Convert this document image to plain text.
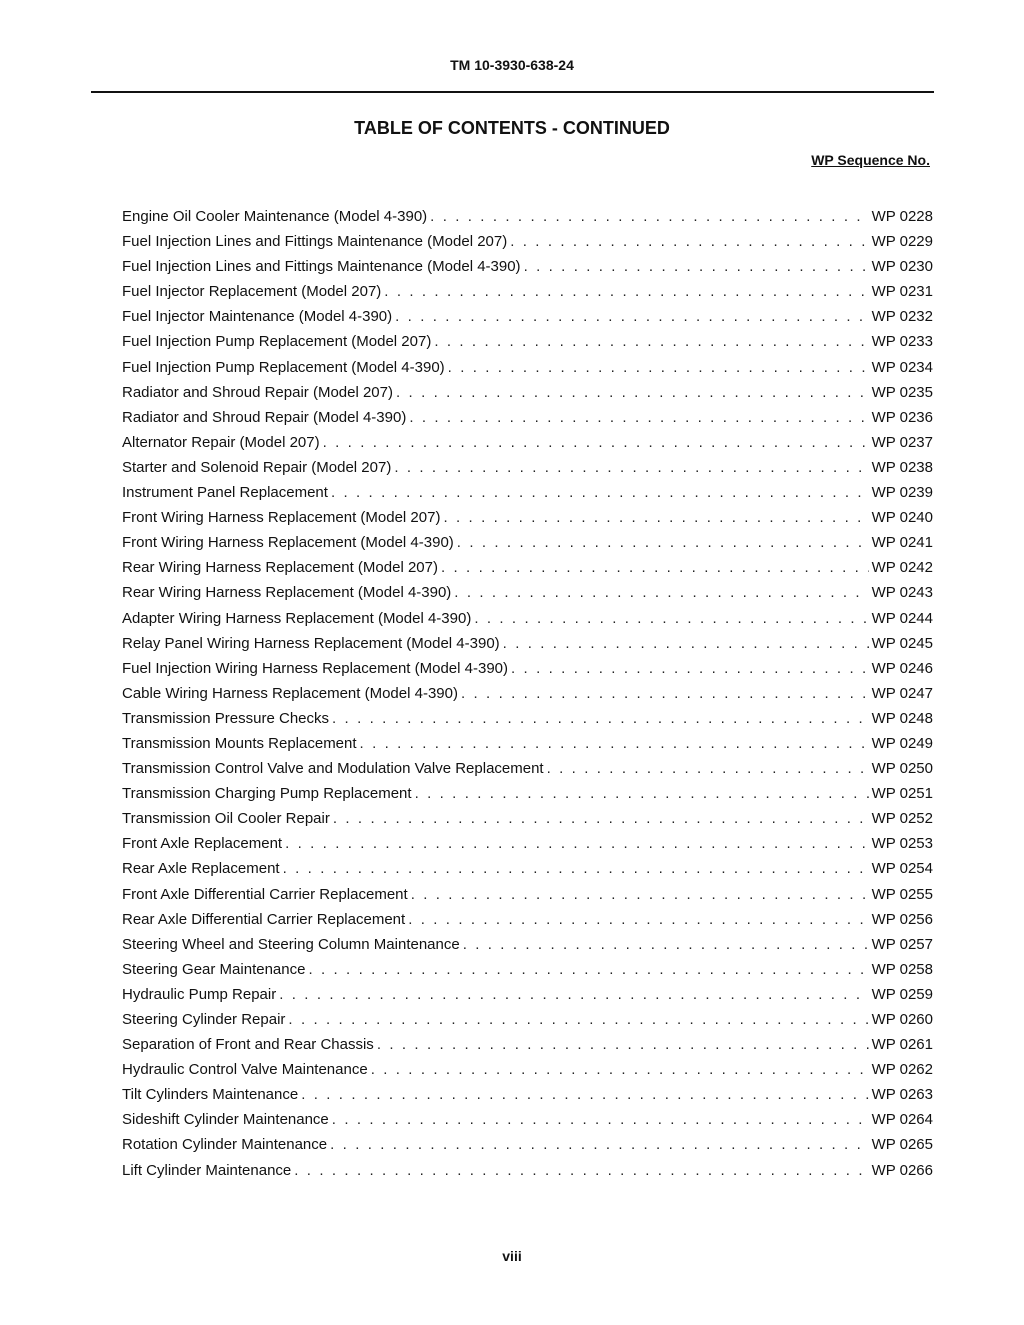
TM 10-3930-638-24
TABLE OF CONTENTS - CONTINUED
WP Sequence No.
Engine Oil Cooler Maintenance (Model 4-390) . . .	WP 0228
Fuel Injection Lines and Fittings Maintenance (Model 207) . . .	WP 0229
Fuel Injection Lines and Fittings Maintenance (Model 4-390) . . .	WP 0230
Fuel Injector Replacement (Model 207) . . .	WP 0231
Fuel Injector Maintenance (Model 4-390) . . .	WP 0232
Fuel Injection Pump Replacement (Model 207) . . .	WP 0233
Fuel Injection Pump Replacement (Model 4-390) . . .	WP 0234
Radiator and Shroud Repair (Model 207) . . .	WP 0235
Radiator and Shroud Repair (Model 4-390) . . .	WP 0236
Alternator Repair (Model 207) . . .	WP 0237
Starter and Solenoid Repair (Model 207) . . .	WP 0238
Instrument Panel Replacement . . .	WP 0239
Front Wiring Harness Replacement (Model 207) . . .	WP 0240
Front Wiring Harness Replacement (Model 4-390) . . .	WP 0241
Rear Wiring Harness Replacement (Model 207) . . .	WP 0242
Rear Wiring Harness Replacement (Model 4-390) . . .	WP 0243
Adapter Wiring Harness Replacement (Model 4-390) . . .	WP 0244
Relay Panel Wiring Harness Replacement (Model 4-390) . . .	WP 0245
Fuel Injection Wiring Harness Replacement (Model 4-390) . . .	WP 0246
Cable Wiring Harness Replacement (Model 4-390) . . .	WP 0247
Transmission Pressure Checks . . .	WP 0248
Transmission Mounts Replacement . . .	WP 0249
Transmission Control Valve and Modulation Valve Replacement . . .	WP 0250
Transmission Charging Pump Replacement . . .	WP 0251
Transmission Oil Cooler Repair . . .	WP 0252
Front Axle Replacement . . .	WP 0253
Rear Axle Replacement . . .	WP 0254
Front Axle Differential Carrier Replacement . . .	WP 0255
Rear Axle Differential Carrier Replacement . . .	WP 0256
Steering Wheel and Steering Column Maintenance . . .	WP 0257
Steering Gear Maintenance . . .	WP 0258
Hydraulic Pump Repair . . .	WP 0259
Steering Cylinder Repair . . .	WP 0260
Separation of Front and Rear Chassis . . .	WP 0261
Hydraulic Control Valve Maintenance . . .	WP 0262
Tilt Cylinders Maintenance . . .	WP 0263
Sideshift Cylinder Maintenance . . .	WP 0264
Rotation Cylinder Maintenance . . .	WP 0265
Lift Cylinder Maintenance . . .	WP 0266
viii
